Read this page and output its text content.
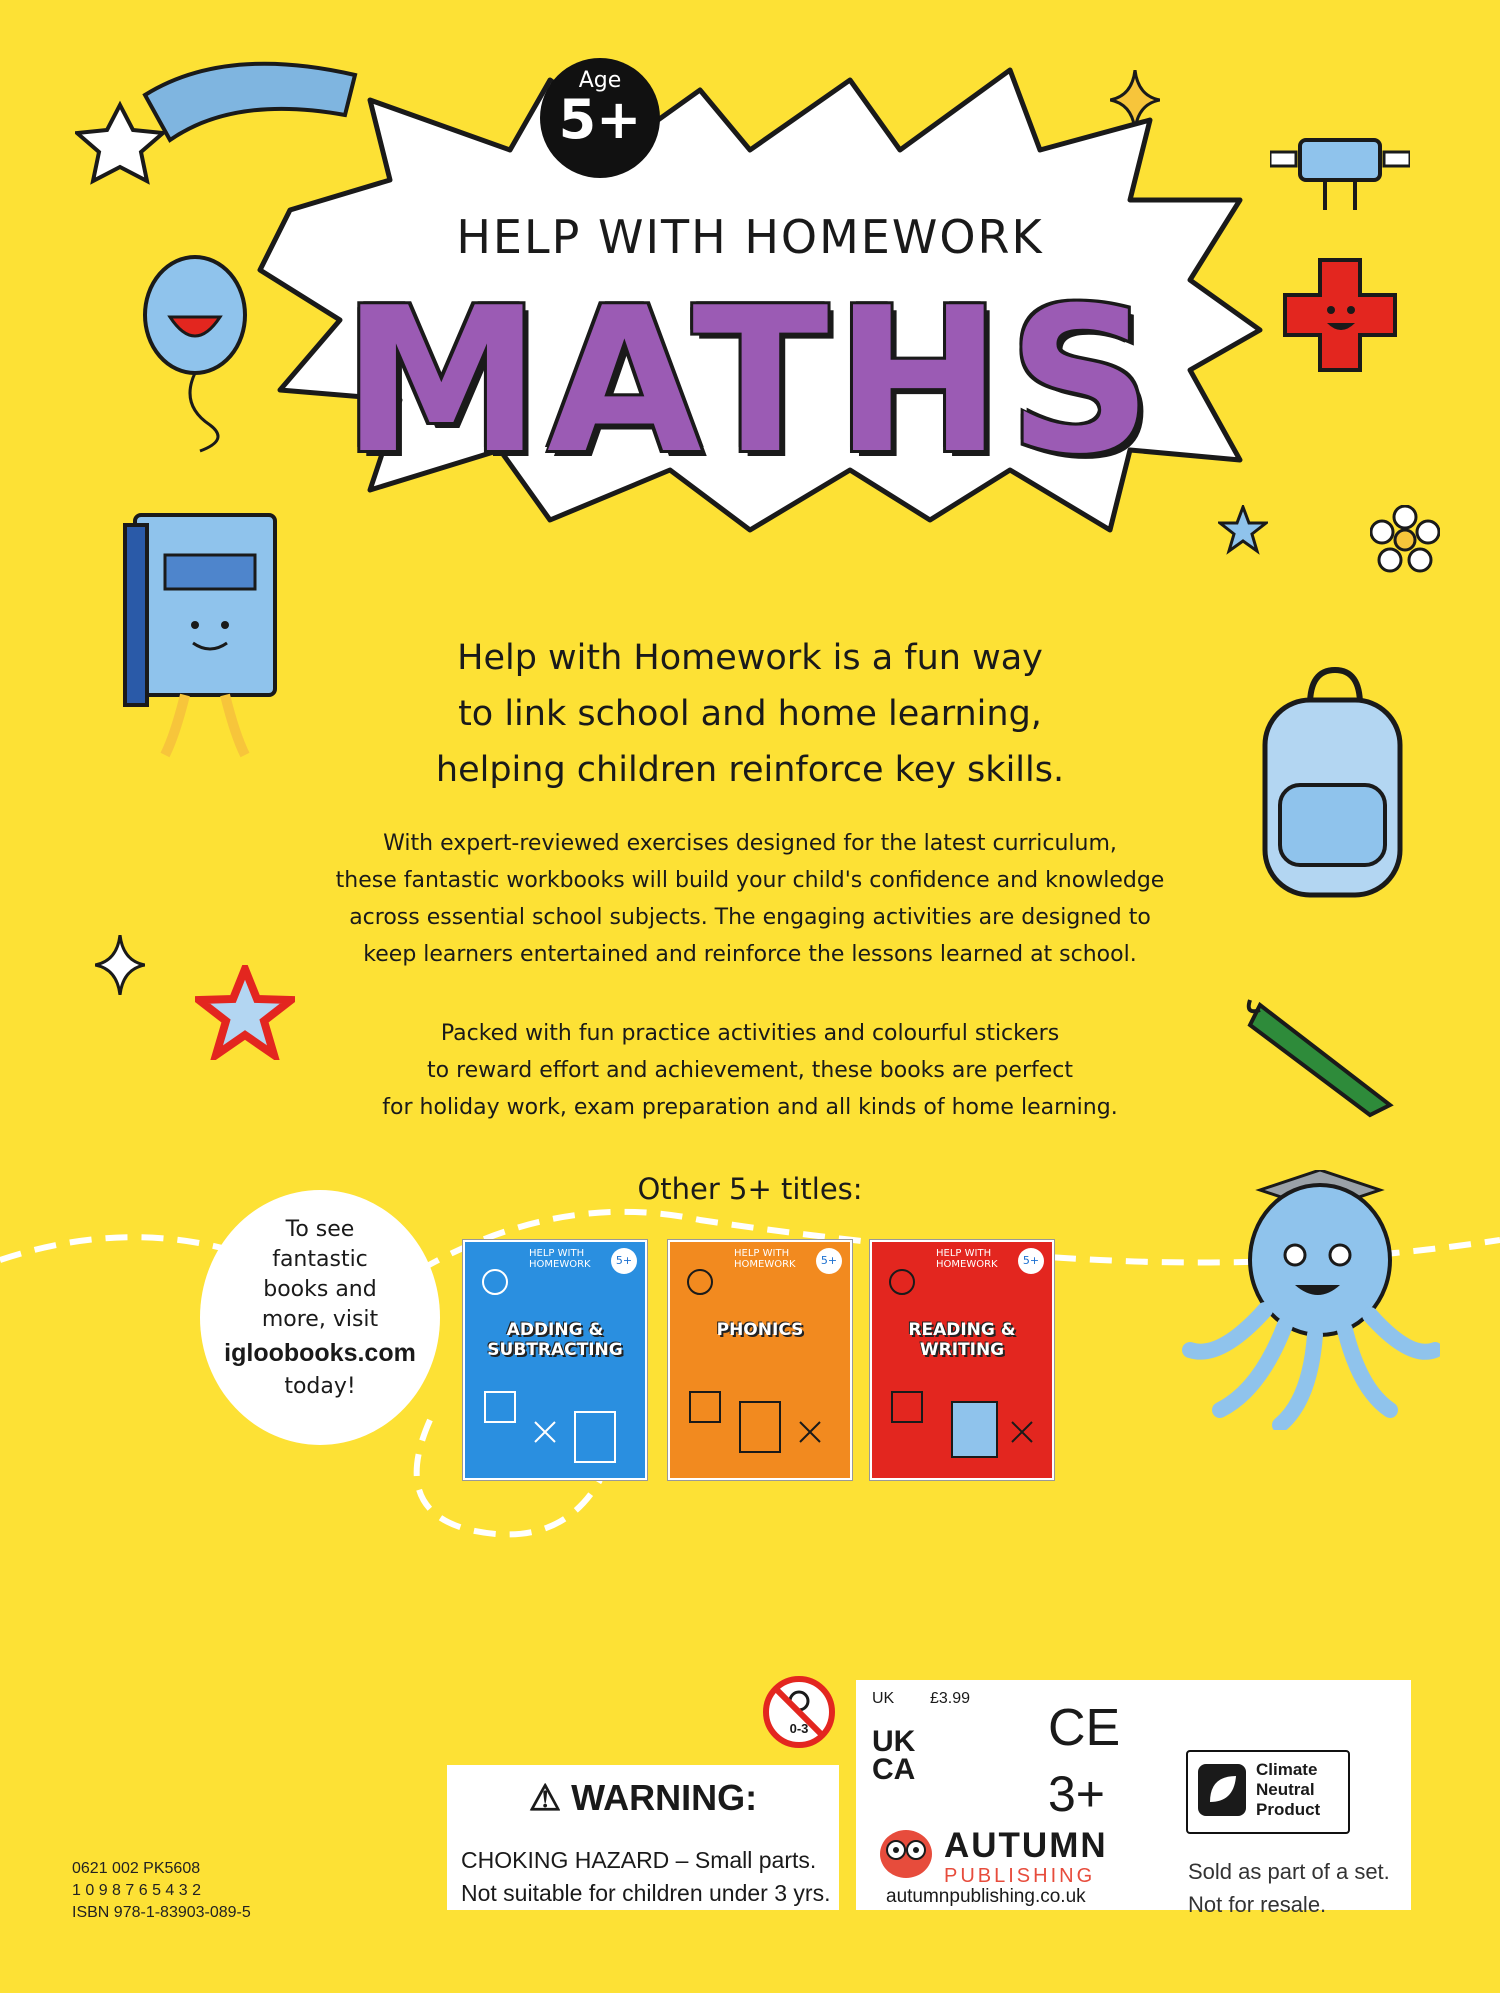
Age
5+
HELP WITH HOMEWORK
MATHS
Help with Homework is a fun way
to link school and home learning,
helping children reinforce key skills.
With expert-reviewed exercises designed for the latest curriculum,
these fantastic workbooks will build your child's confidence and knowledge
across essential school subjects. The engaging activities are designed to
keep learners entertained and reinforce the lessons learned at school.
Packed with fun practice activities and colourful stickers
to reward effort and achievement, these books are perfect
for holiday work, exam preparation and all kinds of home learning.
Other 5+ titles:
HELP WITH HOMEWORK	5+
ADDING & SUBTRACTING
HELP WITH HOMEWORK	5+
PHONICS
HELP WITH HOMEWORK	5+
READING & WRITING
To see
fantastic
books and
more, visit
igloobooks.com
today!
0-3
⚠ WARNING:
CHOKING HAZARD – Small parts.
Not suitable for children under 3 yrs.
UK £3.99
UK
CA
CE
3+
AUTUMN
PUBLISHING
autumnpublishing.co.uk
Climate
Neutral
Product
Sold as part of a set.
Not for resale.
0621 002 PK5608
1 0 9 8 7 6 5 4 3 2
ISBN 978-1-83903-089-5
